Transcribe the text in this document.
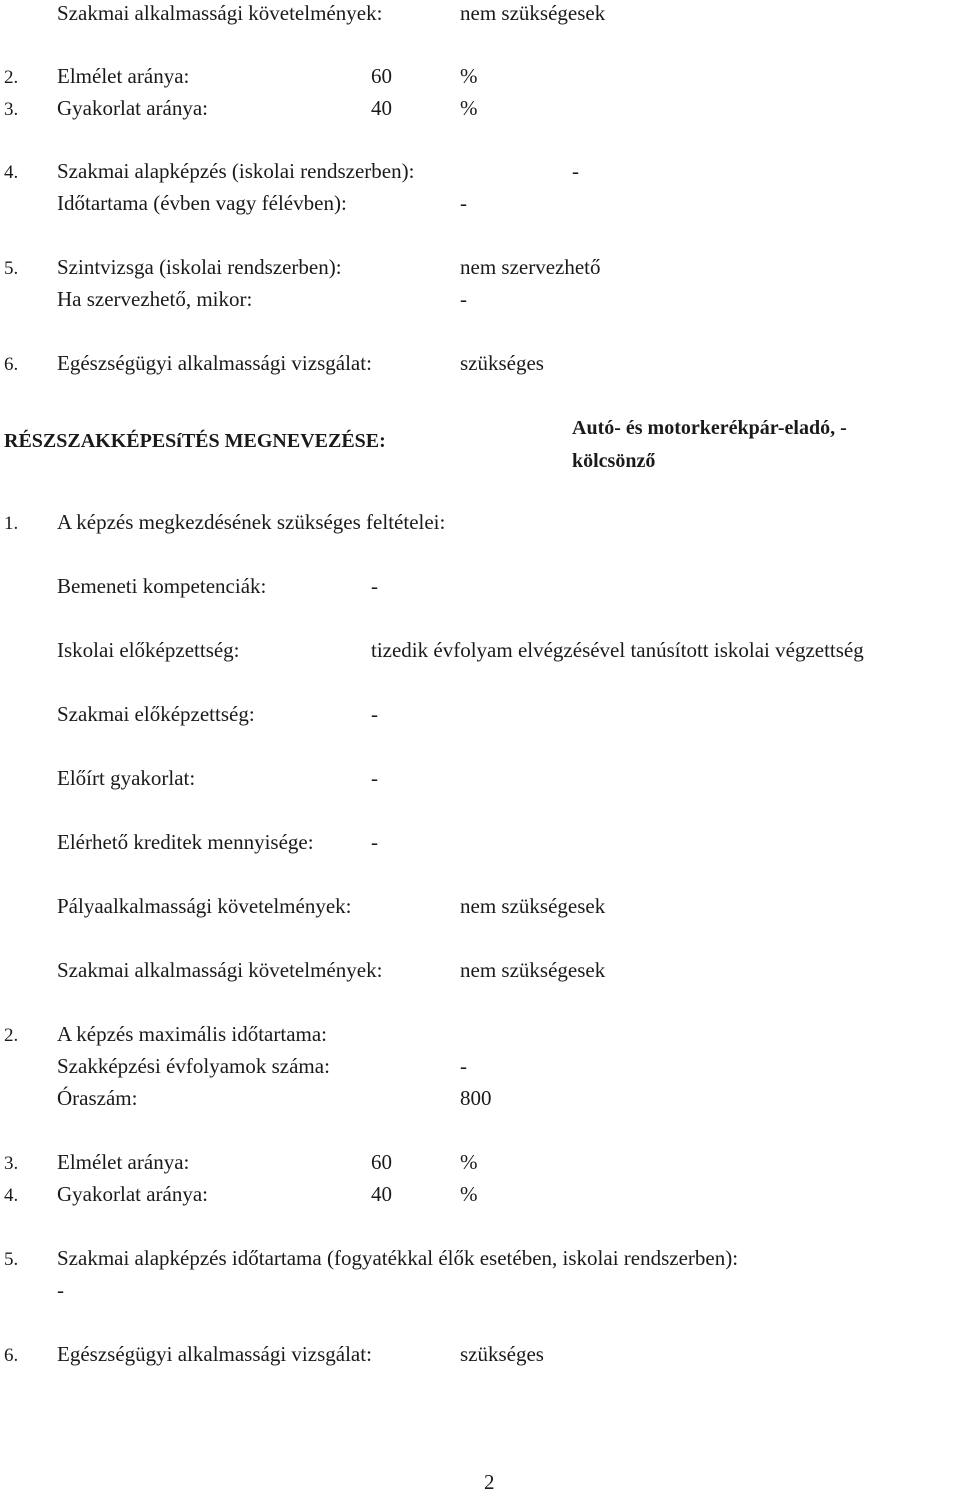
Szakmai alkalmassági követelmények:	nem szükségesek
2. Elmélet aránya:	60	%
3. Gyakorlat aránya:	40	%
4. Szakmai alapképzés (iskolai rendszerben):	-
Időtartama (évben vagy félévben):	-
5. Szintvizsga (iskolai rendszerben):	nem szervezhető
Ha szervezhető, mikor:	-
6. Egészségügyi alkalmassági vizsgálat:	szükséges
RÉSZSZAKKÉPESíTÉS MEGNEVEZÉSE:
Autó- és motorkerékpár-eladó, -
kölcsönző
1. A képzés megkezdésének szükséges feltételei:
Bemeneti kompetenciák:	-
Iskolai előképzettség:	tizedik évfolyam elvégzésével tanúsított iskolai végzettség
Szakmai előképzettség:	-
Előírt gyakorlat:	-
Elérhető kreditek mennyisége:	-
Pályaalkalmassági követelmények:	nem szükségesek
Szakmai alkalmassági követelmények:	nem szükségesek
2. A képzés maximális időtartama:
Szakképzési évfolyamok száma:	-
Óraszám:	800
3. Elmélet aránya:	60	%
4. Gyakorlat aránya:	40	%
5. Szakmai alapképzés időtartama (fogyatékkal élők esetében, iskolai rendszerben):
-
6. Egészségügyi alkalmassági vizsgálat:	szükséges
2
